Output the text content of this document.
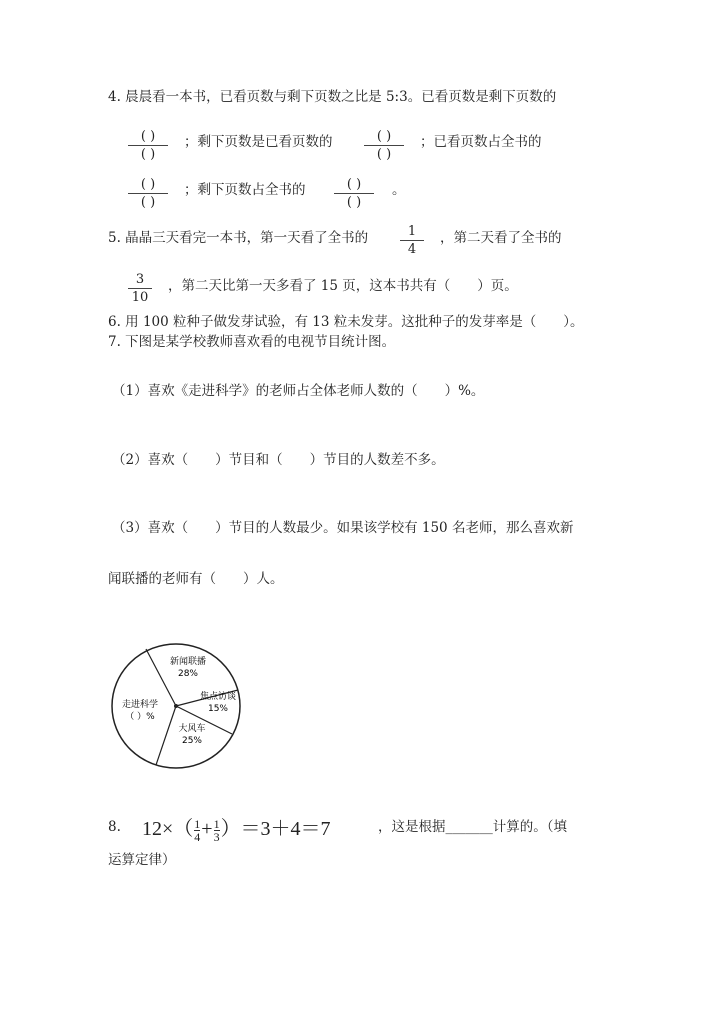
4. 晨晨看一本书，已看页数与剩下页数之比是 5:3。已看页数是剩下页数的
( )
( )
；剩下页数是已看页数的	( )
( )
；已看页数占全书的
( )
( )
；剩下页数占全书的	( )
( )
。
5. 晶晶三天看完一本书，第一天看了全书的	1
4
，第二天看了全书的
3
10
，第二天比第一天多看了 15 页，这本书共有（　　）页。
6. 用 100 粒种子做发芽试验，有 13 粒未发芽。这批种子的发芽率是（　　）。
7. 下图是某学校教师喜欢看的电视节目统计图。
（1）喜欢《走进科学》的老师占全体老师人数的（　　）%。
（2）喜欢（　　）节目和（　　）节目的人数差不多。
（3）喜欢（　　）节目的人数最少。如果该学校有 150 名老师，那么喜欢新
闻联播的老师有（　　）人。
新闻联播
28%
焦点访谈
15%
大风车
25%
走进科学
（ ）%
8. $12\times(\frac{1}{4}+\frac{1}{3})=3+4=7$	，这是根据_______计算的。（填
运算定律）
